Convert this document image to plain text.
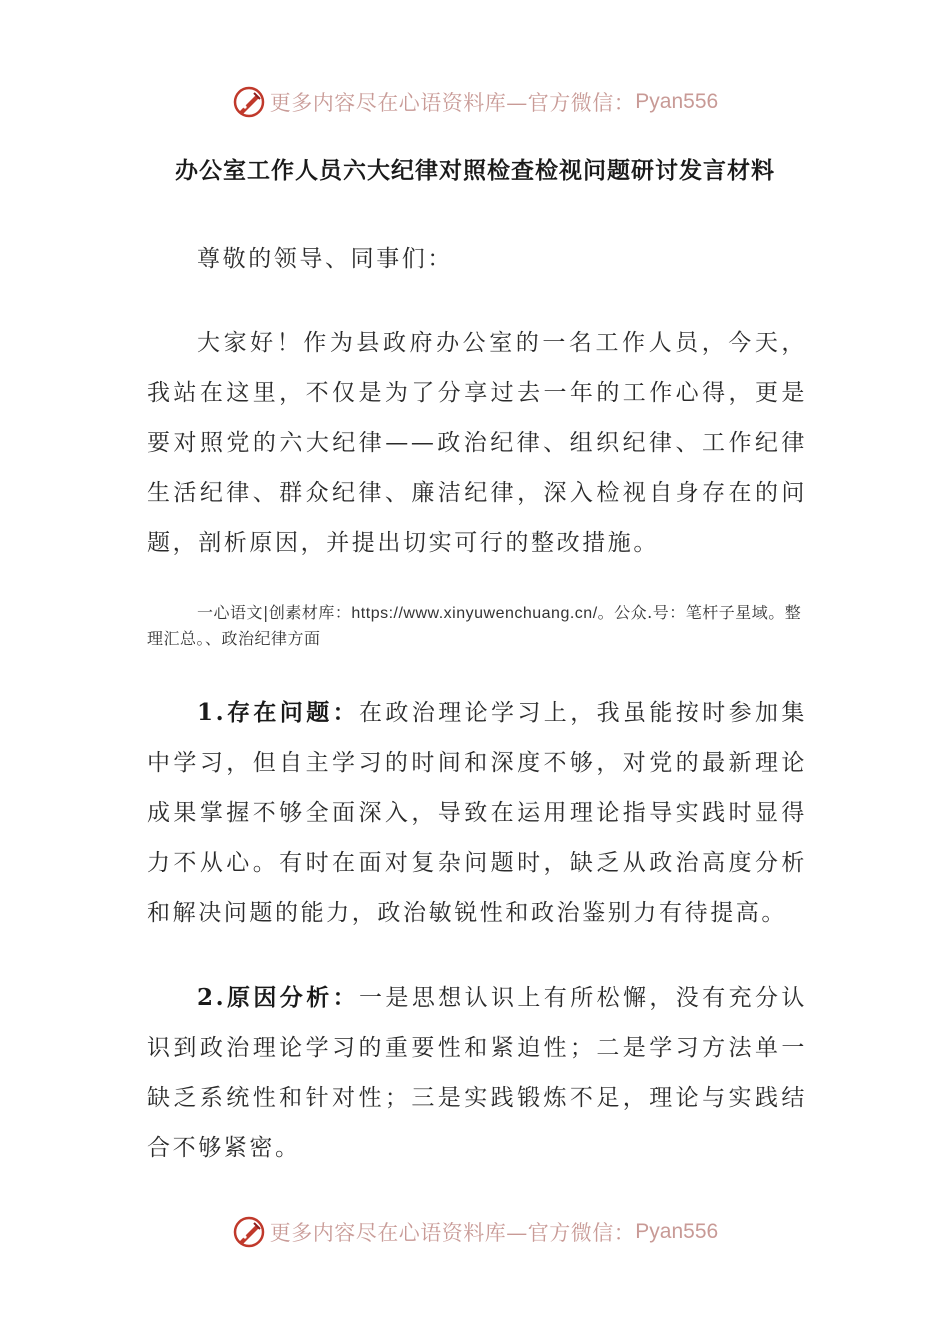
更多内容尽在心语资料库—官方微信： Pyan556
办公室工作人员六大纪律对照检查检视问题研讨发言材料

尊敬的领导、同事们：

大家好！作为县政府办公室的一名工作人员，今天，我站在这里，不仅是为了分享过去一年的工作心得，更是要对照党的六大纪律——政治纪律、组织纪律、工作纪律生活纪律、群众纪律、廉洁纪律，深入检视自身存在的问题，剖析原因，并提出切实可行的整改措施。

一心语文|创素材库：https://www.xinyuwenchuang.cn/。公众.号：笔杆子星域。整理汇总。、政治纪律方面

1.存在问题：在政治理论学习上，我虽能按时参加集中学习，但自主学习的时间和深度不够，对党的最新理论成果掌握不够全面深入，导致在运用理论指导实践时显得力不从心。有时在面对复杂问题时，缺乏从政治高度分析和解决问题的能力，政治敏锐性和政治鉴别力有待提高。

2.原因分析：一是思想认识上有所松懈，没有充分认识到政治理论学习的重要性和紧迫性；二是学习方法单一缺乏系统性和针对性；三是实践锻炼不足，理论与实践结合不够紧密。

更多内容尽在心语资料库—官方微信： Pyan556
